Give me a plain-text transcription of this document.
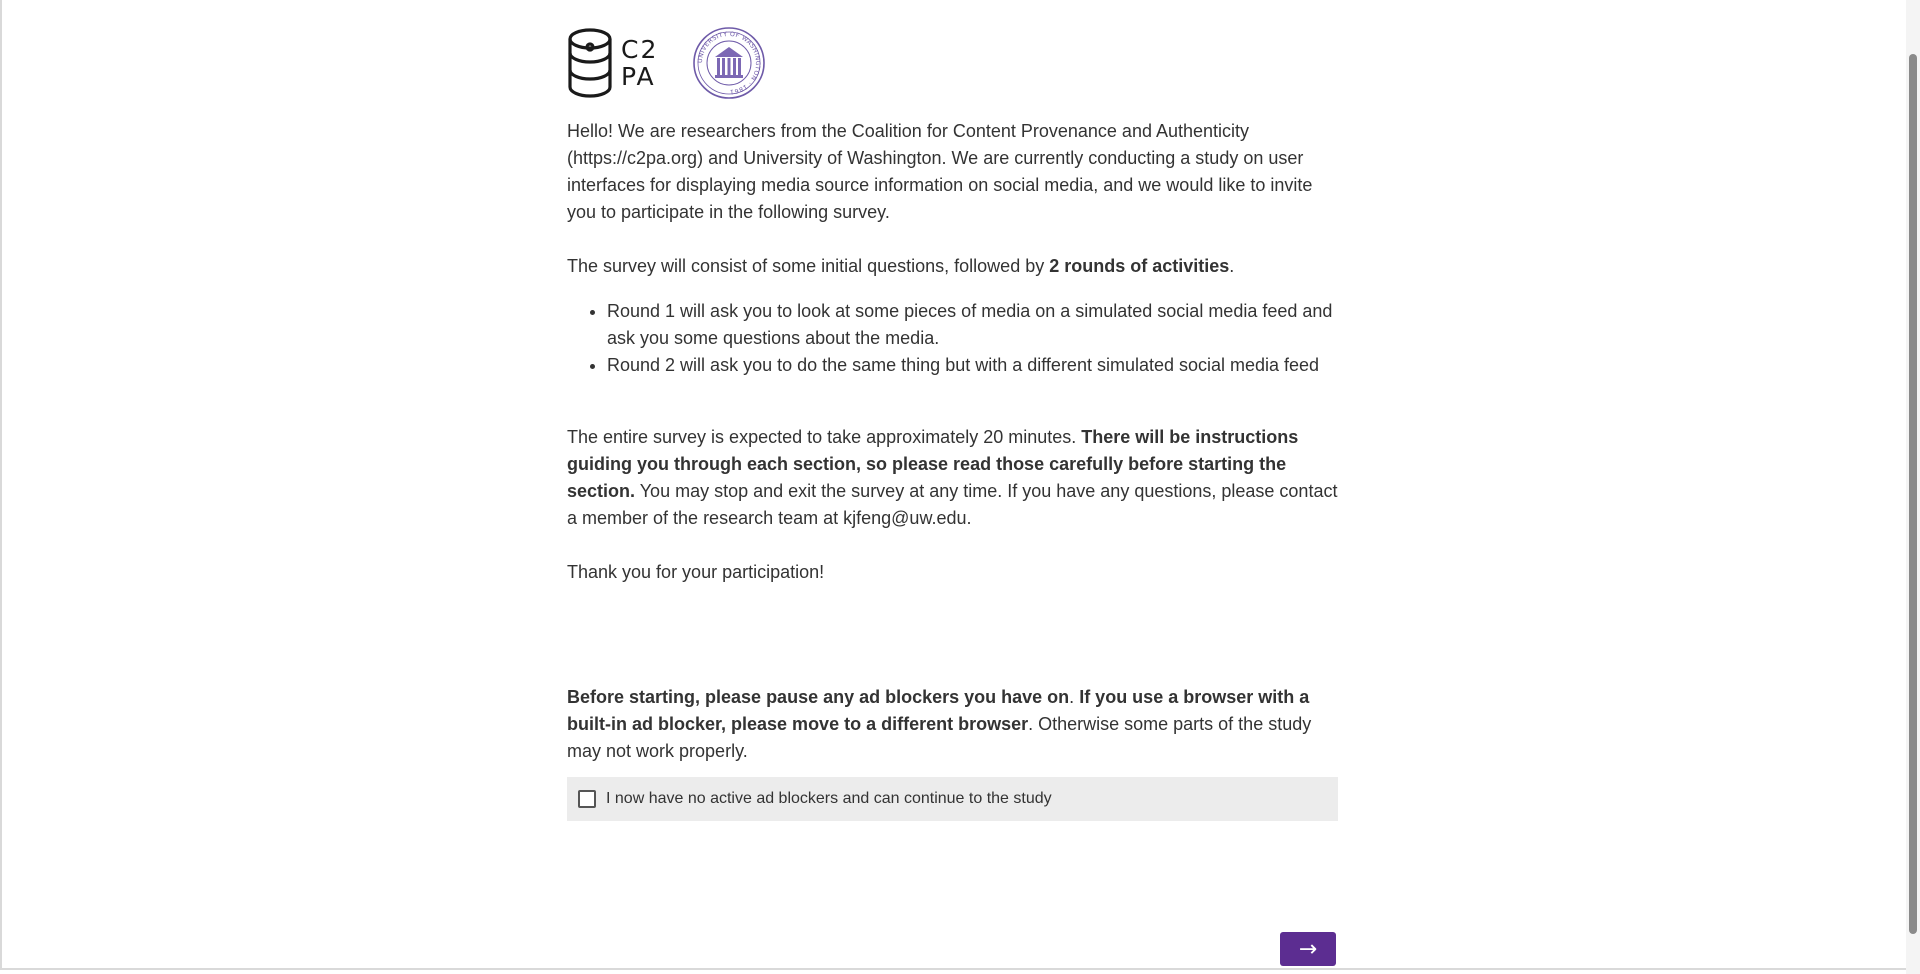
C2
PA
UNIVERSITY OF WASHINGTON · 1861

Hello! We are researchers from the Coalition for Content Provenance and Authenticity (https://c2pa.org) and University of Washington. We are currently conducting a study on user interfaces for displaying media source information on social media, and we would like to invite you to participate in the following survey.

The survey will consist of some initial questions, followed by 2 rounds of activities.

• Round 1 will ask you to look at some pieces of media on a simulated social media feed and ask you some questions about the media.
• Round 2 will ask you to do the same thing but with a different simulated social media feed

The entire survey is expected to take approximately 20 minutes. There will be instructions guiding you through each section, so please read those carefully before starting the section. You may stop and exit the survey at any time. If you have any questions, please contact a member of the research team at kjfeng@uw.edu.

Thank you for your participation!

Before starting, please pause any ad blockers you have on. If you use a browser with a built-in ad blocker, please move to a different browser. Otherwise some parts of the study may not work properly.

I now have no active ad blockers and can continue to the study
→
